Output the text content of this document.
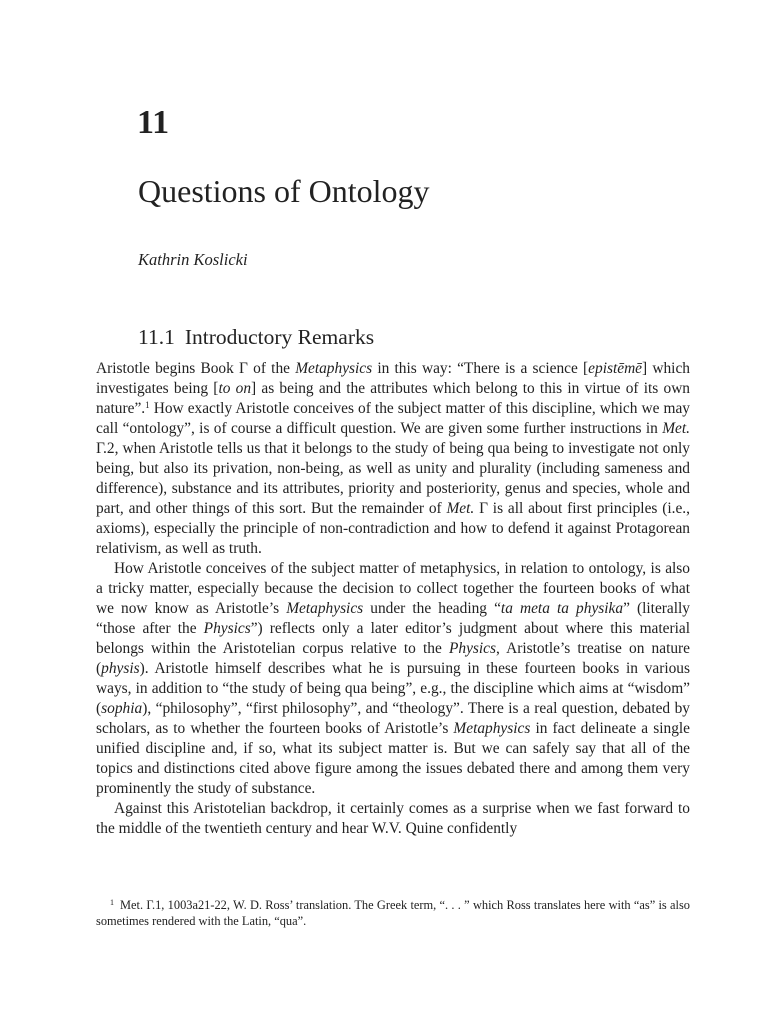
11
Questions of Ontology
Kathrin Koslicki
11.1 Introductory Remarks

Aristotle begins Book Γ of the Metaphysics in this way: “There is a science [epistēmē] which investigates being [to on] as being and the attributes which belong to this in virtue of its own nature”.$^1$ How exactly Aristotle conceives of the subject matter of this discipline, which we may call “ontology”, is of course a difficult question. We are given some further instructions in Met. Γ.2, when Aristotle tells us that it belongs to the study of being qua being to investigate not only being, but also its privation, non-being, as well as unity and plurality (including sameness and difference), substance and its attributes, priority and posteriority, genus and species, whole and part, and other things of this sort. But the remainder of Met. Γ is all about first principles (i.e., axioms), especially the principle of non-contradiction and how to defend it against Protagorean relativism, as well as truth.

How Aristotle conceives of the subject matter of metaphysics, in relation to ontology, is also a tricky matter, especially because the decision to collect together the fourteen books of what we now know as Aristotle’s Metaphysics under the heading “ta meta ta physika” (literally “those after the Physics”) reflects only a later editor’s judgment about where this material belongs within the Aristotelian corpus relative to the Physics, Aristotle’s treatise on nature (physis). Aristotle himself describes what he is pursuing in these fourteen books in various ways, in addition to “the study of being qua being”, e.g., the discipline which aims at “wisdom” (sophia), “philosophy”, “first philosophy”, and “theology”. There is a real question, debated by scholars, as to whether the fourteen books of Aristotle’s Metaphysics in fact delineate a single unified discipline and, if so, what its subject matter is. But we can safely say that all of the topics and distinctions cited above figure among the issues debated there and among them very prominently the study of substance.

Against this Aristotelian backdrop, it certainly comes as a surprise when we fast forward to the middle of the twentieth century and hear W.V. Quine confidently

$^1$ Met. Γ.1, 1003a21-22, W. D. Ross’ translation. The Greek term, “. . . ” which Ross translates here with “as” is also sometimes rendered with the Latin, “qua”.
